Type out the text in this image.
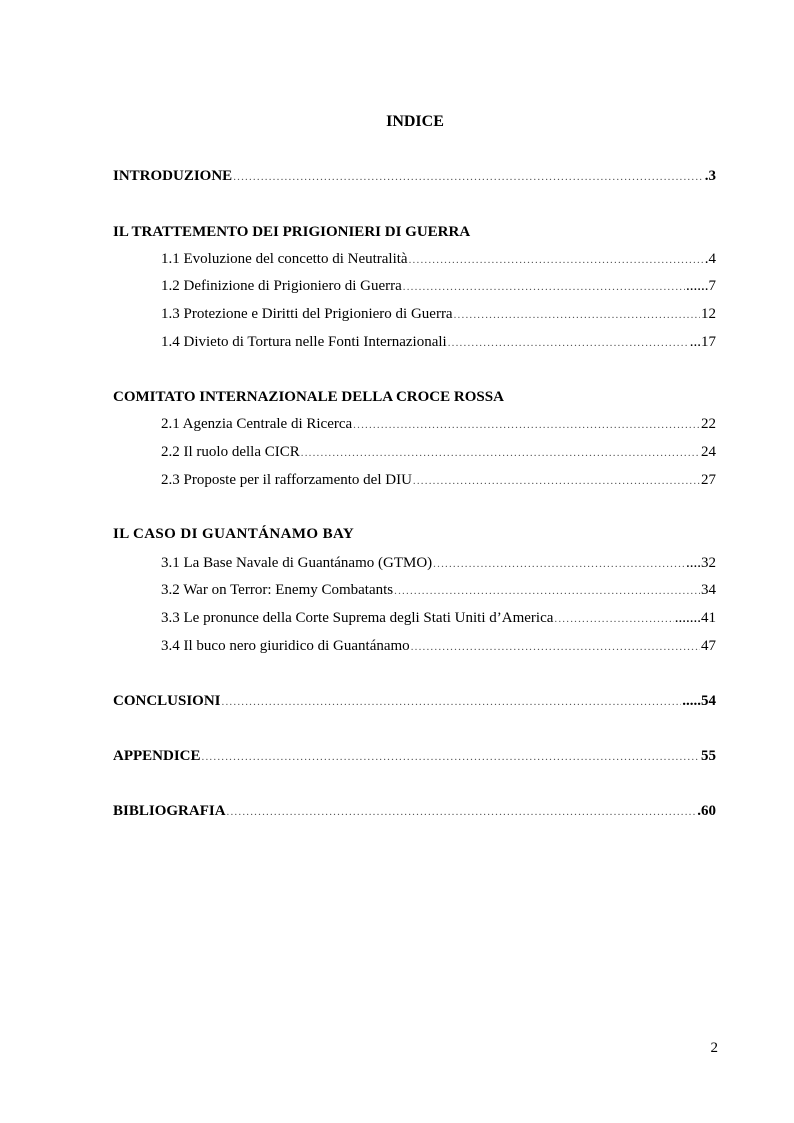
INDICE
INTRODUZIONE .....	.3
IL TRATTEMENTO DEI PRIGIONIERI DI GUERRA
1.1 Evoluzione del concetto di Neutralità .....	.4
1.2 Definizione di Prigioniero di Guerra .....	......7
1.3 Protezione e Diritti del Prigioniero di Guerra .....	12
1.4 Divieto di Tortura nelle Fonti Internazionali .....	...17
COMITATO INTERNAZIONALE DELLA CROCE ROSSA
2.1 Agenzia Centrale di Ricerca .....	22
2.2 Il ruolo della CICR .....	24
2.3 Proposte per il rafforzamento del DIU .....	27
IL CASO DI GUANTÁNAMO BAY
3.1 La Base Navale di Guantánamo (GTMO) .....	....32
3.2 War on Terror: Enemy Combatants .....	34
3.3 Le pronunce della Corte Suprema degli Stati Uniti d’America .....	.......41
3.4 Il buco nero giuridico di Guantánamo .....	47
CONCLUSIONI .....	.....54
APPENDICE .....	55
BIBLIOGRAFIA .....	.60
2
